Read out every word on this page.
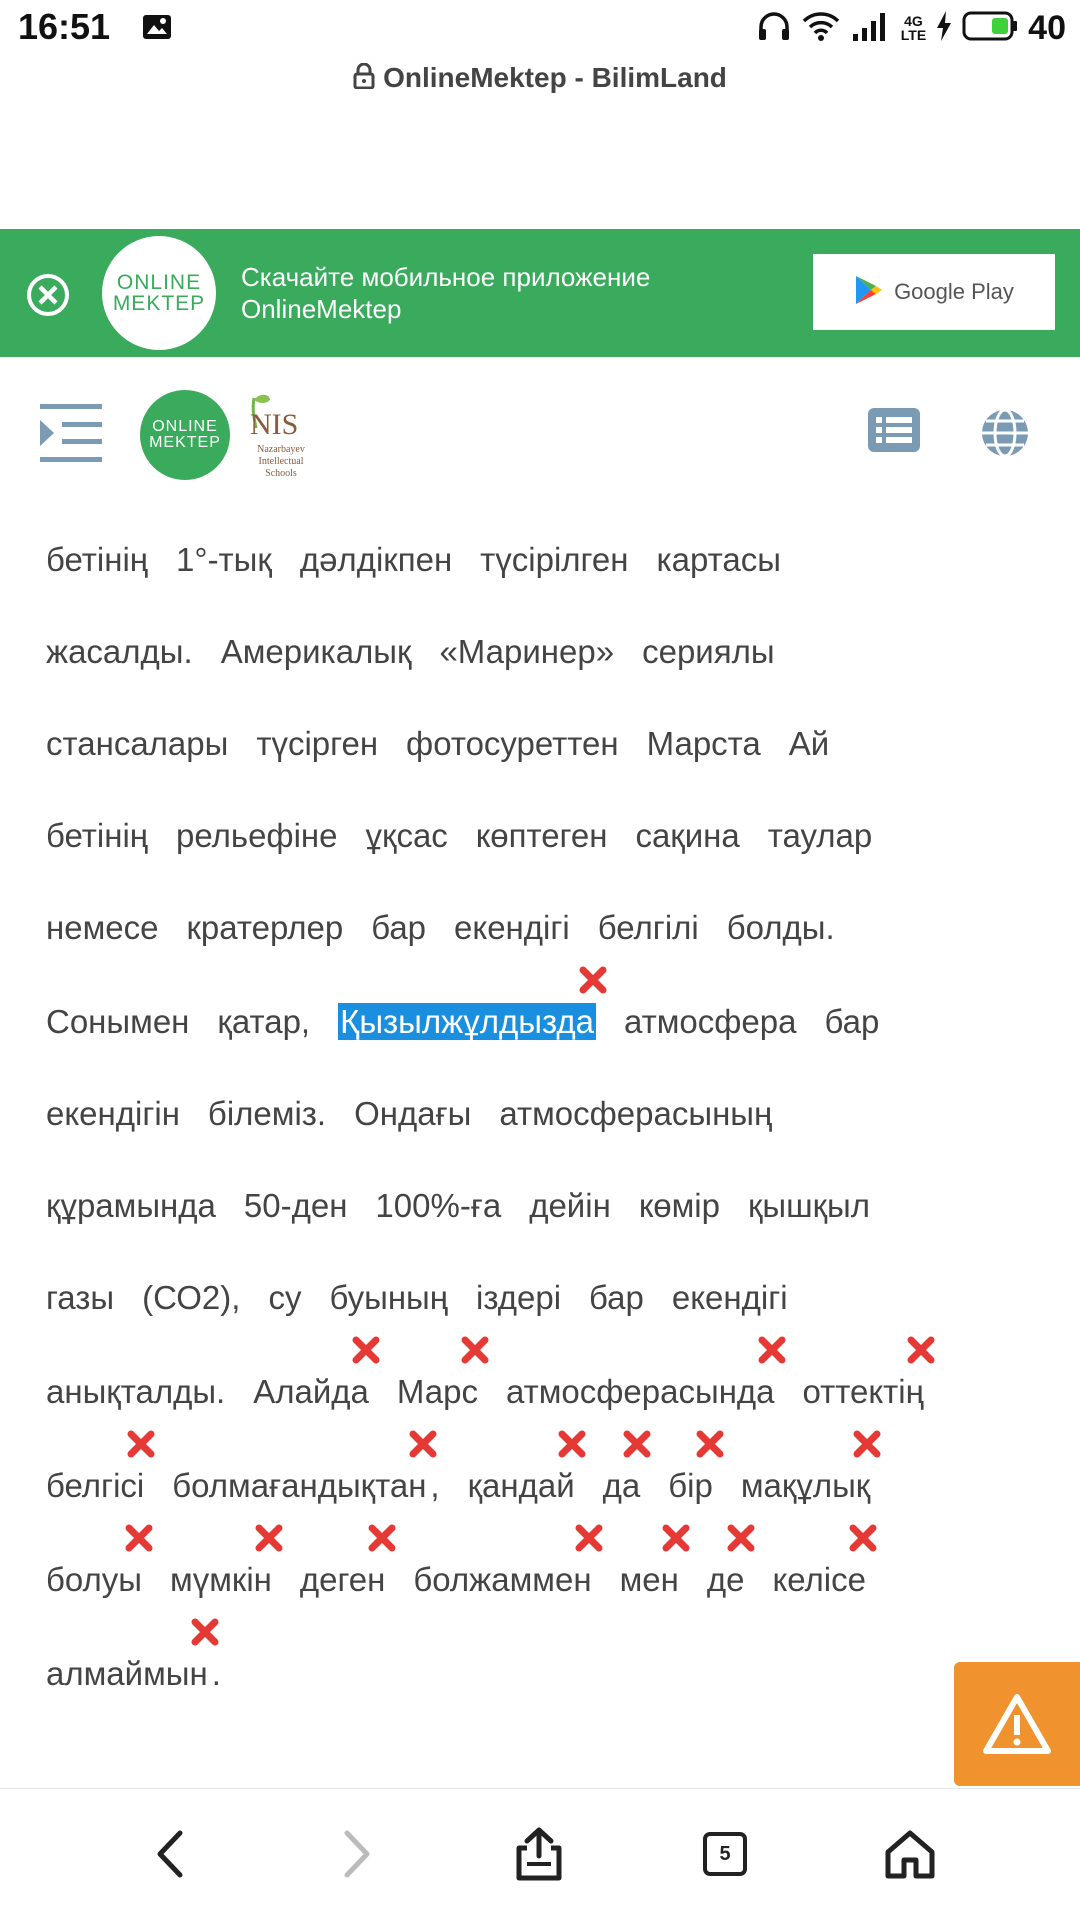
16:51	4G
LTE	40
OnlineMektep - BilimLand
ONLINE
MEKTEP
Скачайте мобильное приложение
OnlineMektep
Google Play
ONLINE
MEKTEP
NIS
Nazarbayev
Intellectual
Schools
бетінің 1°-тық дәлдікпен түсірілген картасы
жасалды. Америкалық «Маринер» сериялы
стансалары түсірген фотосуреттен Марста Ай
бетінің рельефіне ұқсас көптеген сақина таулар
немесе кратерлер бар екендігі белгілі болды.
Сонымен қатар, Қызылжұлдызда атмосфера бар
екендігін білеміз. Ондағы атмосферасының
құрамында 50-ден 100%-ға дейін көмір қышқыл
газы (СО2), су буының іздері бар екендігі
анықталды. Алайда Марс атмосферасында оттектің
белгісі болмағандықтан , қандай да бір мақұлық
болуы мүмкін деген болжаммен мен де келісе
алмаймын .
5
